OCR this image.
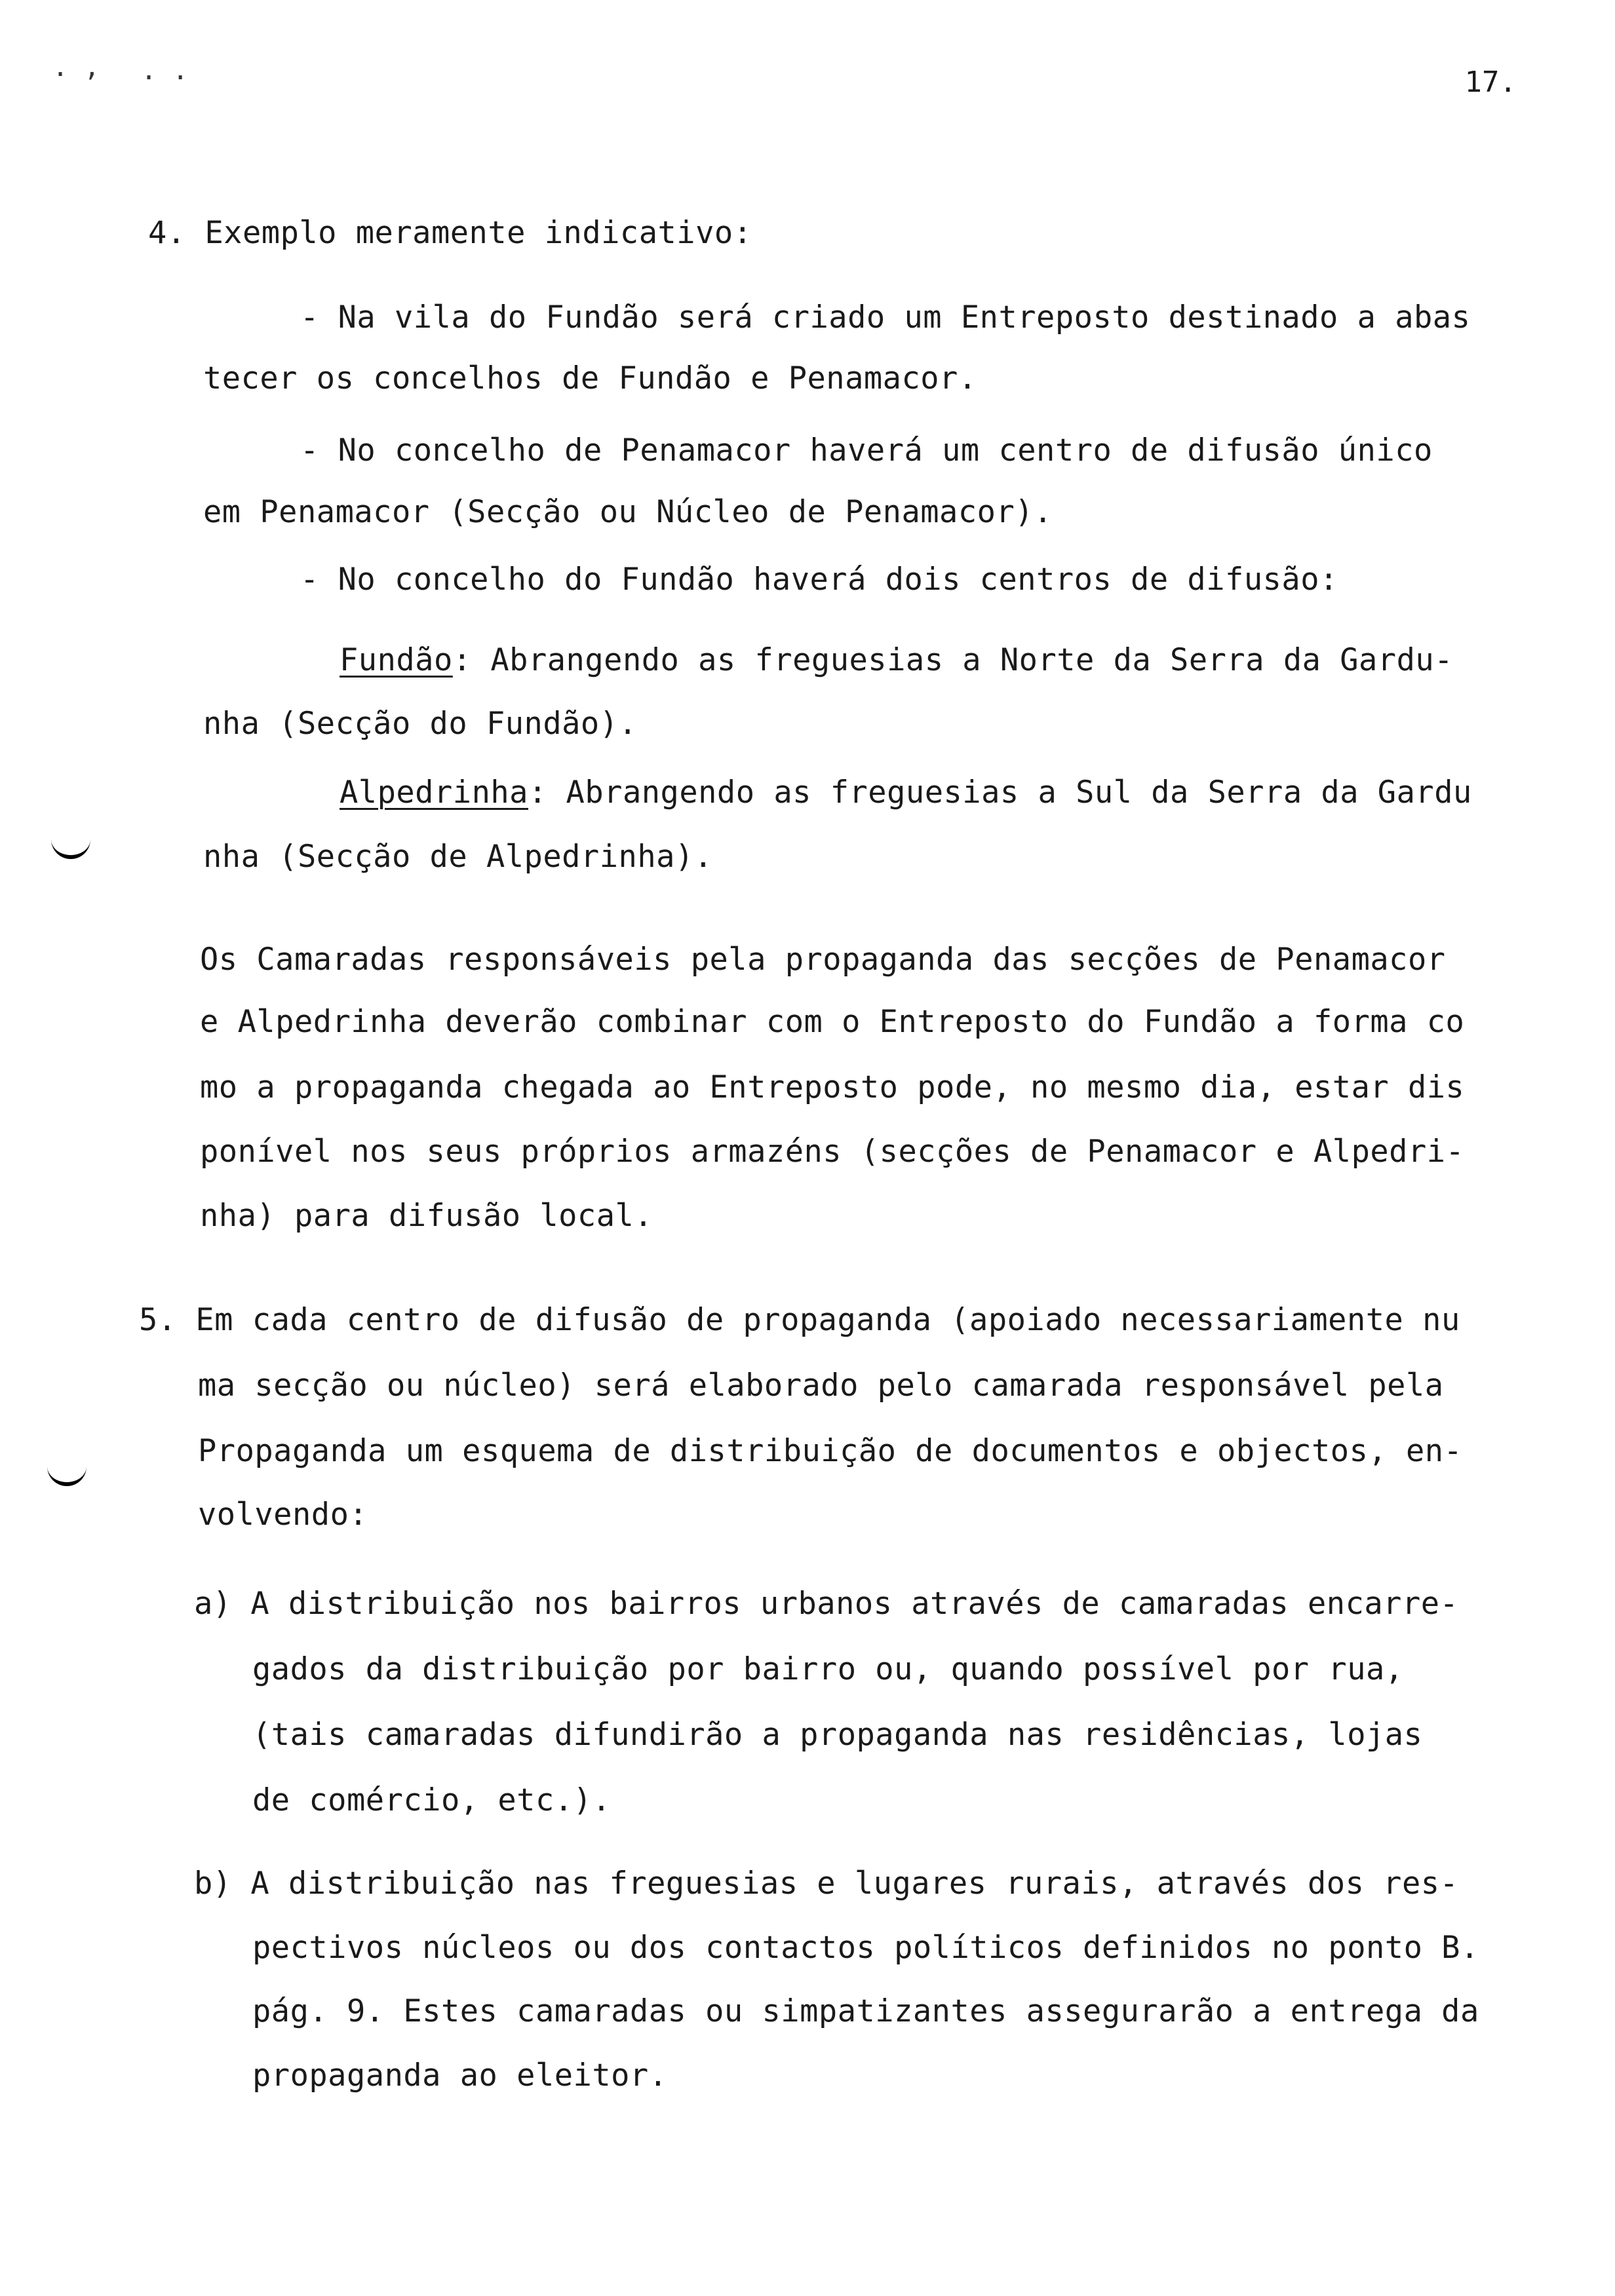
. , . .	17.
4. Exemplo meramente indicativo:
- Na vila do Fundão será criado um Entreposto destinado a abas
tecer os concelhos de Fundão e Penamacor.
- No concelho de Penamacor haverá um centro de difusão único
em Penamacor (Secção ou Núcleo de Penamacor).
- No concelho do Fundão haverá dois centros de difusão:
Fundão: Abrangendo as freguesias a Norte da Serra da Gardu-
nha (Secção do Fundão).
Alpedrinha: Abrangendo as freguesias a Sul da Serra da Gardu
nha (Secção de Alpedrinha).
Os Camaradas responsáveis pela propaganda das secções de Penamacor
e Alpedrinha deverão combinar com o Entreposto do Fundão a forma co
mo a propaganda chegada ao Entreposto pode, no mesmo dia, estar dis
ponível nos seus próprios armazéns (secções de Penamacor e Alpedri-
nha) para difusão local.
5. Em cada centro de difusão de propaganda (apoiado necessariamente nu
ma secção ou núcleo) será elaborado pelo camarada responsável pela
Propaganda um esquema de distribuição de documentos e objectos, en-
volvendo:
a) A distribuição nos bairros urbanos através de camaradas encarre-
gados da distribuição por bairro ou, quando possível por rua,
(tais camaradas difundirão a propaganda nas residências, lojas
de comércio, etc.).
b) A distribuição nas freguesias e lugares rurais, através dos res-
pectivos núcleos ou dos contactos políticos definidos no ponto B.
pág. 9. Estes camaradas ou simpatizantes assegurarão a entrega da
propaganda ao eleitor.
